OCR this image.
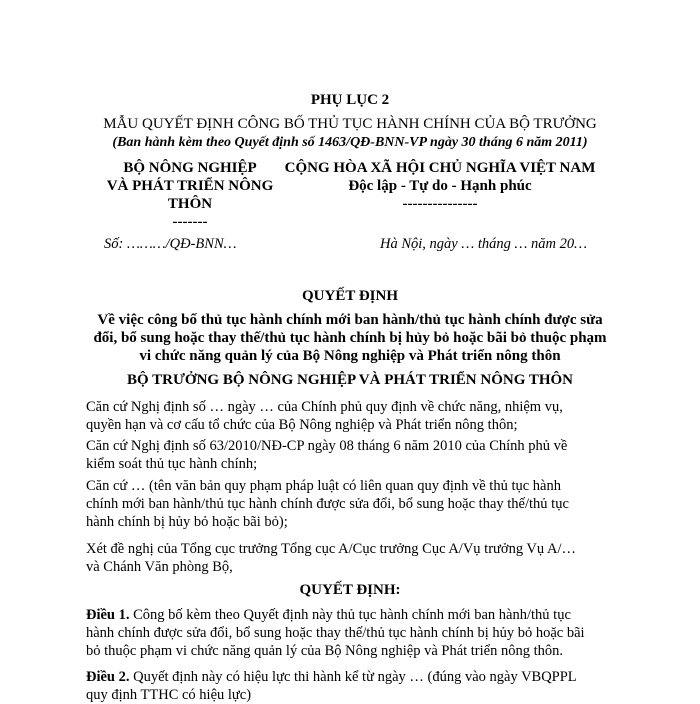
PHỤ LỤC 2
MẪU QUYẾT ĐỊNH CÔNG BỐ THỦ TỤC HÀNH CHÍNH CỦA BỘ TRƯỞNG
(Ban hành kèm theo Quyết định số 1463/QĐ-BNN-VP ngày 30 tháng 6 năm 2011)
BỘ NÔNG NGHIỆP
VÀ PHÁT TRIỂN NÔNG
THÔN
-------
CỘNG HÒA XÃ HỘI CHỦ NGHĨA VIỆT NAM
Độc lập - Tự do - Hạnh phúc
---------------
Số: ………/QĐ-BNN…	Hà Nội, ngày … tháng … năm 20…
QUYẾT ĐỊNH
Về việc công bố thủ tục hành chính mới ban hành/thủ tục hành chính được sửa
đổi, bổ sung hoặc thay thế/thủ tục hành chính bị hủy bỏ hoặc bãi bỏ thuộc phạm
vi chức năng quản lý của Bộ Nông nghiệp và Phát triển nông thôn
BỘ TRƯỞNG BỘ NÔNG NGHIỆP VÀ PHÁT TRIỂN NÔNG THÔN
Căn cứ Nghị định số … ngày … của Chính phủ quy định về chức năng, nhiệm vụ,
quyền hạn và cơ cấu tổ chức của Bộ Nông nghiệp và Phát triển nông thôn;
Căn cứ Nghị định số 63/2010/NĐ-CP ngày 08 tháng 6 năm 2010 của Chính phủ về
kiểm soát thủ tục hành chính;
Căn cứ … (tên văn bản quy phạm pháp luật có liên quan quy định về thủ tục hành
chính mới ban hành/thủ tục hành chính được sửa đổi, bổ sung hoặc thay thế/thủ tục
hành chính bị hủy bỏ hoặc bãi bỏ);
Xét đề nghị của Tổng cục trưởng Tổng cục A/Cục trưởng Cục A/Vụ trưởng Vụ A/…
và Chánh Văn phòng Bộ,
QUYẾT ĐỊNH:
Điều 1. Công bố kèm theo Quyết định này thủ tục hành chính mới ban hành/thủ tục
hành chính được sửa đổi, bổ sung hoặc thay thế/thủ tục hành chính bị hủy bỏ hoặc bãi
bỏ thuộc phạm vi chức năng quản lý của Bộ Nông nghiệp và Phát triển nông thôn.
Điều 2. Quyết định này có hiệu lực thi hành kể từ ngày … (đúng vào ngày VBQPPL
quy định TTHC có hiệu lực)
